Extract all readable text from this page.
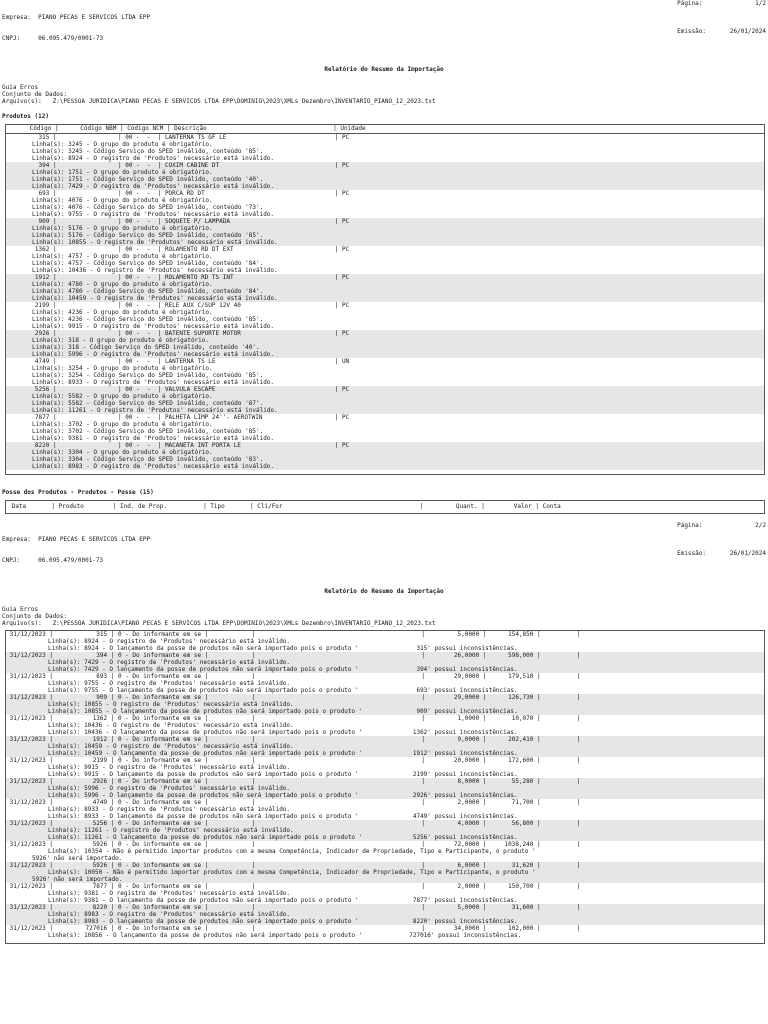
Empresa: PIANO PECAS E SERVICOS LTDA EPP

CNPJ:	06.095.479/0001-73

Página:	1/2
Emissão:	26/01/2024
Relatório do Resumo da Importação
Guia Erros
Conjunto de Dados:
Arquivo(s):   Z:\PESSOA JURIDICA\PIANO PECAS E SERVICOS LTDA EPP\DOMINIO\2023\XMLs Dezembro\INVENTARIO_PIANO_12_2023.txt
Produtos (12)
Código |      Código NBM | Código NCM | Descrição                                   | Unidade
315 |                 | 00 -  -  | LANTERNA TS GF LE                              | PC
Linha(s): 3245 - O grupo do produto é obrigatório.
Linha(s): 3245 - Código Serviço do SPED inválido, conteúdo '85'.
Linha(s): 8924 - O registro de 'Produtos' necessário está inválido.
394 |                 | 00 -  -  | COXIM CABINE DT                                | PC
Linha(s): 1751 - O grupo do produto é obrigatório.
Linha(s): 1751 - Código Serviço do SPED inválido, conteúdo '40'.
Linha(s): 7429 - O registro de 'Produtos' necessário está inválido.
693 |                 | 00 -  -  | PORCA RD DT                                    | PC
Linha(s): 4076 - O grupo do produto é obrigatório.
Linha(s): 4076 - Código Serviço do SPED inválido, conteúdo '73'.
Linha(s): 9755 - O registro de 'Produtos' necessário está inválido.
909 |                 | 00 -  -  | SOQUETE P/ LAMPADA                             | PC
Linha(s): 5176 - O grupo do produto é obrigatório.
Linha(s): 5176 - Código Serviço do SPED inválido, conteúdo '85'.
Linha(s): 10855 - O registro de 'Produtos' necessário está inválido.
1362 |                 | 00 -  -  | ROLAMENTO RD DT EXT                            | PC
Linha(s): 4757 - O grupo do produto é obrigatório.
Linha(s): 4757 - Código Serviço do SPED inválido, conteúdo '84'.
Linha(s): 10436 - O registro de 'Produtos' necessário está inválido.
1912 |                 | 00 -  -  | ROLAMENTO RD TS INT                            | PC
Linha(s): 4780 - O grupo do produto é obrigatório.
Linha(s): 4780 - Código Serviço do SPED inválido, conteúdo '84'.
Linha(s): 10459 - O registro de 'Produtos' necessário está inválido.
2199 |                 | 00 -  -  | RELE AUX C/SUP 12V 40                          | PC
Linha(s): 4236 - O grupo do produto é obrigatório.
Linha(s): 4236 - Código Serviço do SPED inválido, conteúdo '85'.
Linha(s): 9915 - O registro de 'Produtos' necessário está inválido.
2926 |                 | 00 -  -  | BATENTE SUPORTE MOTOR                          | PC
Linha(s): 318 - O grupo do produto é obrigatório.
Linha(s): 318 - Código Serviço do SPED inválido, conteúdo '40'.
Linha(s): 5996 - O registro de 'Produtos' necessário está inválido.
4749 |                 | 00 -  -  | LANTERNA TS LE                                 | UN
Linha(s): 3254 - O grupo do produto é obrigatório.
Linha(s): 3254 - Código Serviço do SPED inválido, conteúdo '85'.
Linha(s): 8933 - O registro de 'Produtos' necessário está inválido.
5256 |                 | 00 -  -  | VALVULA ESCAPE                                 | PC
Linha(s): 5582 - O grupo do produto é obrigatório.
Linha(s): 5582 - Código Serviço do SPED inválido, conteúdo '87'.
Linha(s): 11261 - O registro de 'Produtos' necessário está inválido.
7877 |                 | 00 -  -  | PALHETA LIMP 24''- AEROTWIN                    | PC
Linha(s): 3702 - O grupo do produto é obrigatório.
Linha(s): 3702 - Código Serviço do SPED inválido, conteúdo '85'.
Linha(s): 9381 - O registro de 'Produtos' necessário está inválido.
8220 |                 | 00 -  -  | MACANETA INT PORTA LE                          | PC
Linha(s): 3304 - O grupo do produto é obrigatório.
Linha(s): 3304 - Código Serviço do SPED inválido, conteúdo '83'.
Linha(s): 8983 - O registro de 'Produtos' necessário está inválido.
Posse dos Produtos - Produtos - Posse (15)
Data       | Produto        | Ind. de Prop.          | Tipo       | Cli/For                                      |         Quant. |        Valor | Conta

Empresa: PIANO PECAS E SERVICOS LTDA EPP

CNPJ:	06.095.479/0001-73

Página:	2/2
Emissão:	26/01/2024
Relatório do Resumo da Importação
Guia Erros
Conjunto de Dados:
Arquivo(s):   Z:\PESSOA JURIDICA\PIANO PECAS E SERVICOS LTDA EPP\DOMINIO\2023\XMLs Dezembro\INVENTARIO_PIANO_12_2023.txt
31/12/2023 |            315 | 0 - Do informante em se |            |                                              |         5,0000 |      154,850 |          |
Linha(s): 8924 - O registro de 'Produtos' necessário está inválido.
Linha(s): 8924 - O lançamento da posse de produtos não será importado pois o produto '                315' possui inconsistências.
31/12/2023 |            394 | 0 - Do informante em se |            |                                              |        26,0000 |      598,000 |          |
Linha(s): 7429 - O registro de 'Produtos' necessário está inválido.
Linha(s): 7429 - O lançamento da posse de produtos não será importado pois o produto '                394' possui inconsistências.
31/12/2023 |            693 | 0 - Do informante em se |            |                                              |        29,0000 |      179,510 |          |
Linha(s): 9755 - O registro de 'Produtos' necessário está inválido.
Linha(s): 9755 - O lançamento da posse de produtos não será importado pois o produto '                693' possui inconsistências.
31/12/2023 |            909 | 0 - Do informante em se |            |                                              |        29,0000 |      126,730 |          |
Linha(s): 10855 - O registro de 'Produtos' necessário está inválido.
Linha(s): 10855 - O lançamento da posse de produtos não será importado pois o produto '               909' possui inconsistências.
31/12/2023 |           1362 | 0 - Do informante em se |            |                                              |         1,0000 |       10,070 |          |
Linha(s): 10436 - O registro de 'Produtos' necessário está inválido.
Linha(s): 10436 - O lançamento da posse de produtos não será importado pois o produto '              1362' possui inconsistências.
31/12/2023 |           1912 | 0 - Do informante em se |            |                                              |         9,0000 |      202,410 |          |
Linha(s): 10459 - O registro de 'Produtos' necessário está inválido.
Linha(s): 10459 - O lançamento da posse de produtos não será importado pois o produto '              1912' possui inconsistências.
31/12/2023 |           2199 | 0 - Do informante em se |            |                                              |        20,0000 |      172,600 |          |
Linha(s): 9915 - O registro de 'Produtos' necessário está inválido.
Linha(s): 9915 - O lançamento da posse de produtos não será importado pois o produto '               2199' possui inconsistências.
31/12/2023 |           2926 | 0 - Do informante em se |            |                                              |         8,0000 |       55,280 |          |
Linha(s): 5996 - O registro de 'Produtos' necessário está inválido.
Linha(s): 5996 - O lançamento da posse de produtos não será importado pois o produto '               2926' possui inconsistências.
31/12/2023 |           4749 | 0 - Do informante em se |            |                                              |         2,0000 |       71,700 |          |
Linha(s): 8933 - O registro de 'Produtos' necessário está inválido.
Linha(s): 8933 - O lançamento da posse de produtos não será importado pois o produto '               4749' possui inconsistências.
31/12/2023 |           5256 | 0 - Do informante em se |            |                                              |         4,0000 |       56,800 |          |
Linha(s): 11261 - O registro de 'Produtos' necessário está inválido.
Linha(s): 11261 - O lançamento da posse de produtos não será importado pois o produto '              5256' possui inconsistências.
31/12/2023 |           5926 | 0 - Do informante em se |            |                                              |        72,0000 |     1038,240 |          |
Linha(s): 10354 - Não é permitido importar produtos com a mesma Competência, Indicador de Propriedade, Tipo e Participante, o produto '
5926' não será importado.
31/12/2023 |           5926 | 0 - Do informante em se |            |                                              |         6,0000 |       31,620 |          |
Linha(s): 10050 - Não é permitido importar produtos com a mesma Competência, Indicador de Propriedade, Tipo e Participante, o produto '
5926' não será importado.
31/12/2023 |           7877 | 0 - Do informante em se |            |                                              |         2,0000 |      150,700 |          |
Linha(s): 9381 - O registro de 'Produtos' necessário está inválido.
Linha(s): 9381 - O lançamento da posse de produtos não será importado pois o produto '               7877' possui inconsistências.
31/12/2023 |           8220 | 0 - Do informante em se |            |                                              |         5,0000 |       31,600 |          |
Linha(s): 8983 - O registro de 'Produtos' necessário está inválido.
Linha(s): 8983 - O lançamento da posse de produtos não será importado pois o produto '               8220' possui inconsistências.
31/12/2023 |         727016 | 0 - Do informante em se |            |                                              |        34,0000 |      102,000 |          |
Linha(s): 10856 - O lançamento da posse de produtos não será importado pois o produto '             727016' possui inconsistências.
